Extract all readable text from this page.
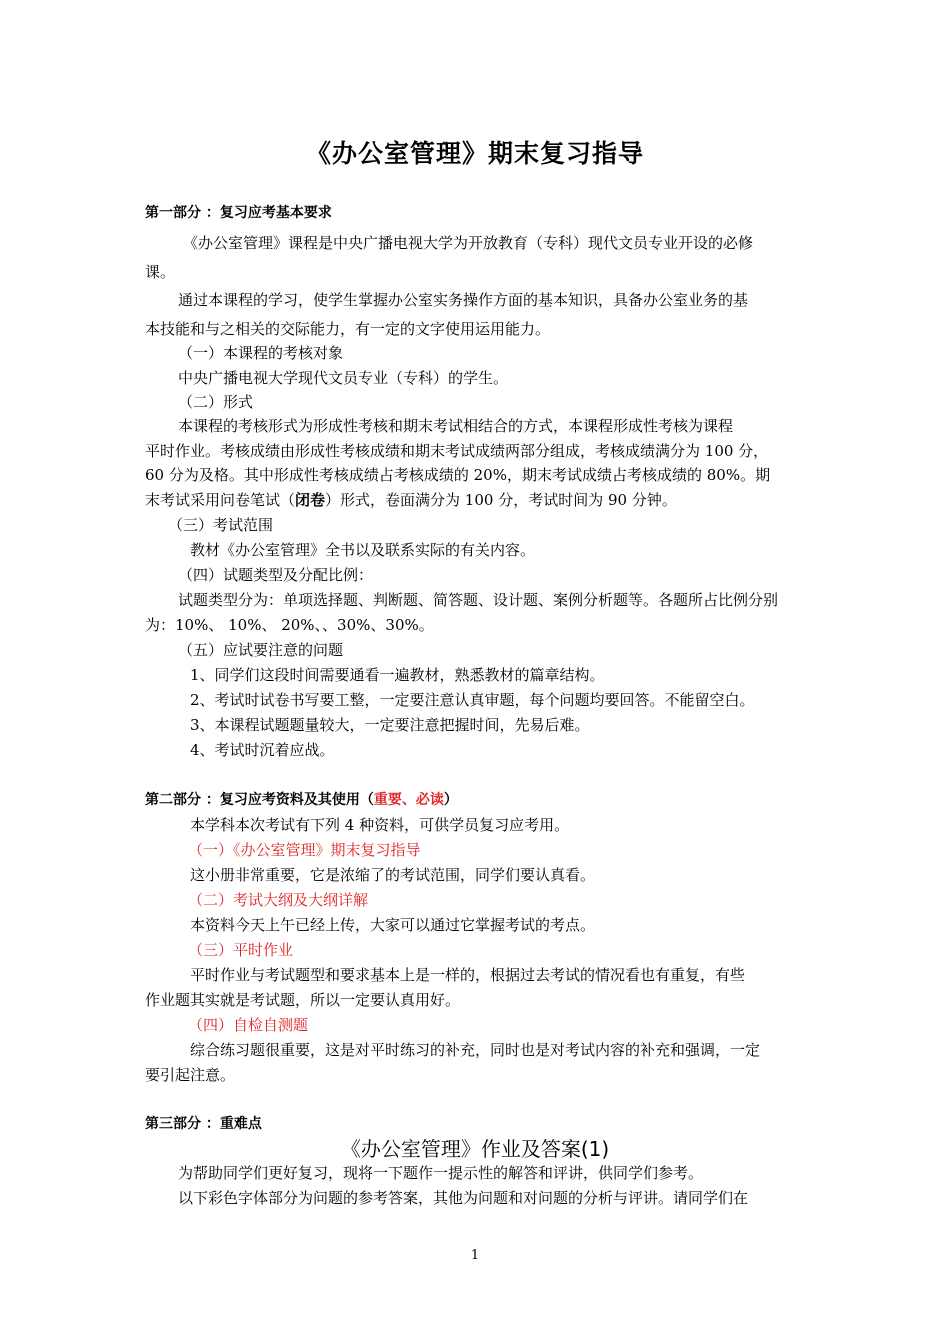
《办公室管理》期末复习指导
第一部分 ：复习应考基本要求
《办公室管理》课程是中央广播电视大学为开放教育（专科）现代文员专业开设的必修
课。
通过本课程的学习，使学生掌握办公室实务操作方面的基本知识，具备办公室业务的基
本技能和与之相关的交际能力，有一定的文字使用运用能力。
（一）本课程的考核对象
中央广播电视大学现代文员专业（专科）的学生。
（二）形式
本课程的考核形式为形成性考核和期末考试相结合的方式，本课程形成性考核为课程
平时作业。考核成绩由形成性考核成绩和期末考试成绩两部分组成，考核成绩满分为 100 分，
60 分为及格。其中形成性考核成绩占考核成绩的 20%，期末考试成绩占考核成绩的 80%。期
末考试采用问卷笔试（闭卷）形式，卷面满分为 100 分，考试时间为 90 分钟。
（三）考试范围
教材《办公室管理》全书以及联系实际的有关内容。
（四）试题类型及分配比例：
试题类型分为：单项选择题、判断题、简答题、设计题、案例分析题等。各题所占比例分别
为：10%、 10%、 20%、、30%、30%。
（五）应试要注意的问题
1、同学们这段时间需要通看一遍教材，熟悉教材的篇章结构。
2、考试时试卷书写要工整，一定要注意认真审题，每个问题均要回答。不能留空白。
3、本课程试题题量较大，一定要注意把握时间，先易后难。
4、考试时沉着应战。
第二部分 ：复习应考资料及其使用（重要、必读）
本学科本次考试有下列 4 种资料，可供学员复习应考用。
（一）《办公室管理》期末复习指导
这小册非常重要，它是浓缩了的考试范围，同学们要认真看。
（二）考试大纲及大纲详解
本资料今天上午已经上传，大家可以通过它掌握考试的考点。
（三）平时作业
平时作业与考试题型和要求基本上是一样的，根据过去考试的情况看也有重复，有些
作业题其实就是考试题，所以一定要认真用好。
（四）自检自测题
综合练习题很重要，这是对平时练习的补充，同时也是对考试内容的补充和强调，一定
要引起注意。
第三部分 ：重难点
《办公室管理》作业及答案(1)
为帮助同学们更好复习，现将一下题作一提示性的解答和评讲，供同学们参考。
以下彩色字体部分为问题的参考答案，其他为问题和对问题的分析与评讲。请同学们在
1
